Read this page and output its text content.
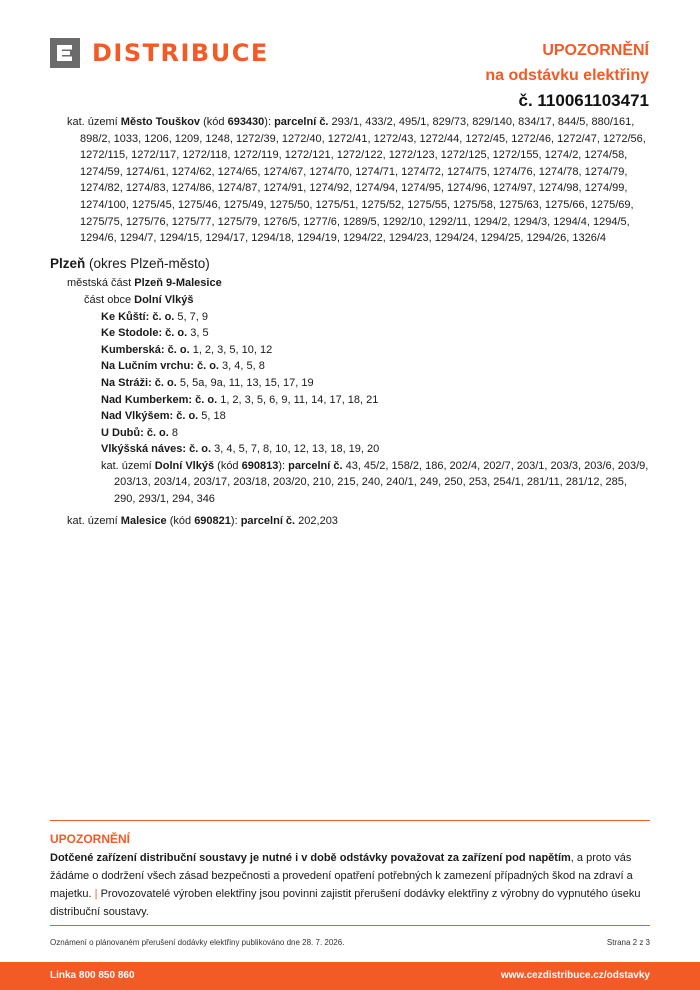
DISTRIBUCE	UPOZORNĚNÍ
na odstávku elektřiny
č. 110061103471
kat. území Město Touškov (kód 693430): parcelní č. 293/1, 433/2, 495/1, 829/73, 829/140, 834/17, 844/5, 880/161, 898/2, 1033, 1206, 1209, 1248, 1272/39, 1272/40, 1272/41, 1272/43, 1272/44, 1272/45, 1272/46, 1272/47, 1272/56, 1272/115, 1272/117, 1272/118, 1272/119, 1272/121, 1272/122, 1272/123, 1272/125, 1272/155, 1274/2, 1274/58, 1274/59, 1274/61, 1274/62, 1274/65, 1274/67, 1274/70, 1274/71, 1274/72, 1274/75, 1274/76, 1274/78, 1274/79, 1274/82, 1274/83, 1274/86, 1274/87, 1274/91, 1274/92, 1274/94, 1274/95, 1274/96, 1274/97, 1274/98, 1274/99, 1274/100, 1275/45, 1275/46, 1275/49, 1275/50, 1275/51, 1275/52, 1275/55, 1275/58, 1275/63, 1275/66, 1275/69, 1275/75, 1275/76, 1275/77, 1275/79, 1276/5, 1277/6, 1289/5, 1292/10, 1292/11, 1294/2, 1294/3, 1294/4, 1294/5, 1294/6, 1294/7, 1294/15, 1294/17, 1294/18, 1294/19, 1294/22, 1294/23, 1294/24, 1294/25, 1294/26, 1326/4
Plzeň (okres Plzeň-město)
městská část Plzeň 9-Malesice
část obce Dolní Vlkýš
Ke Kůští: č. o. 5, 7, 9
Ke Stodole: č. o. 3, 5
Kumberská: č. o. 1, 2, 3, 5, 10, 12
Na Lučním vrchu: č. o. 3, 4, 5, 8
Na Stráži: č. o. 5, 5a, 9a, 11, 13, 15, 17, 19
Nad Kumberkem: č. o. 1, 2, 3, 5, 6, 9, 11, 14, 17, 18, 21
Nad Vlkýšem: č. o. 5, 18
U Dubů: č. o. 8
Vlkýšská náves: č. o. 3, 4, 5, 7, 8, 10, 12, 13, 18, 19, 20
kat. území Dolní Vlkýš (kód 690813): parcelní č. 43, 45/2, 158/2, 186, 202/4, 202/7, 203/1, 203/3, 203/6, 203/9, 203/13, 203/14, 203/17, 203/18, 203/20, 210, 215, 240, 240/1, 249, 250, 253, 254/1, 281/11, 281/12, 285, 290, 293/1, 294, 346
kat. území Malesice (kód 690821): parcelní č. 202,203
UPOZORNĚNÍ
Dotčené zařízení distribuční soustavy je nutné i v době odstávky považovat za zařízení pod napětím, a proto vás žádáme o dodržení všech zásad bezpečnosti a provedení opatření potřebných k zamezení případných škod na zdraví a majetku. | Provozovatelé výroben elektřiny jsou povinni zajistit přerušení dodávky elektřiny z výrobny do vypnutého úseku distribuční soustavy.
Oznámení o plánovaném přerušení dodávky elektřiny publikováno dne 28. 7. 2026.	Strana 2 z 3
Linka 800 850 860	www.cezdistribuce.cz/odstavky
